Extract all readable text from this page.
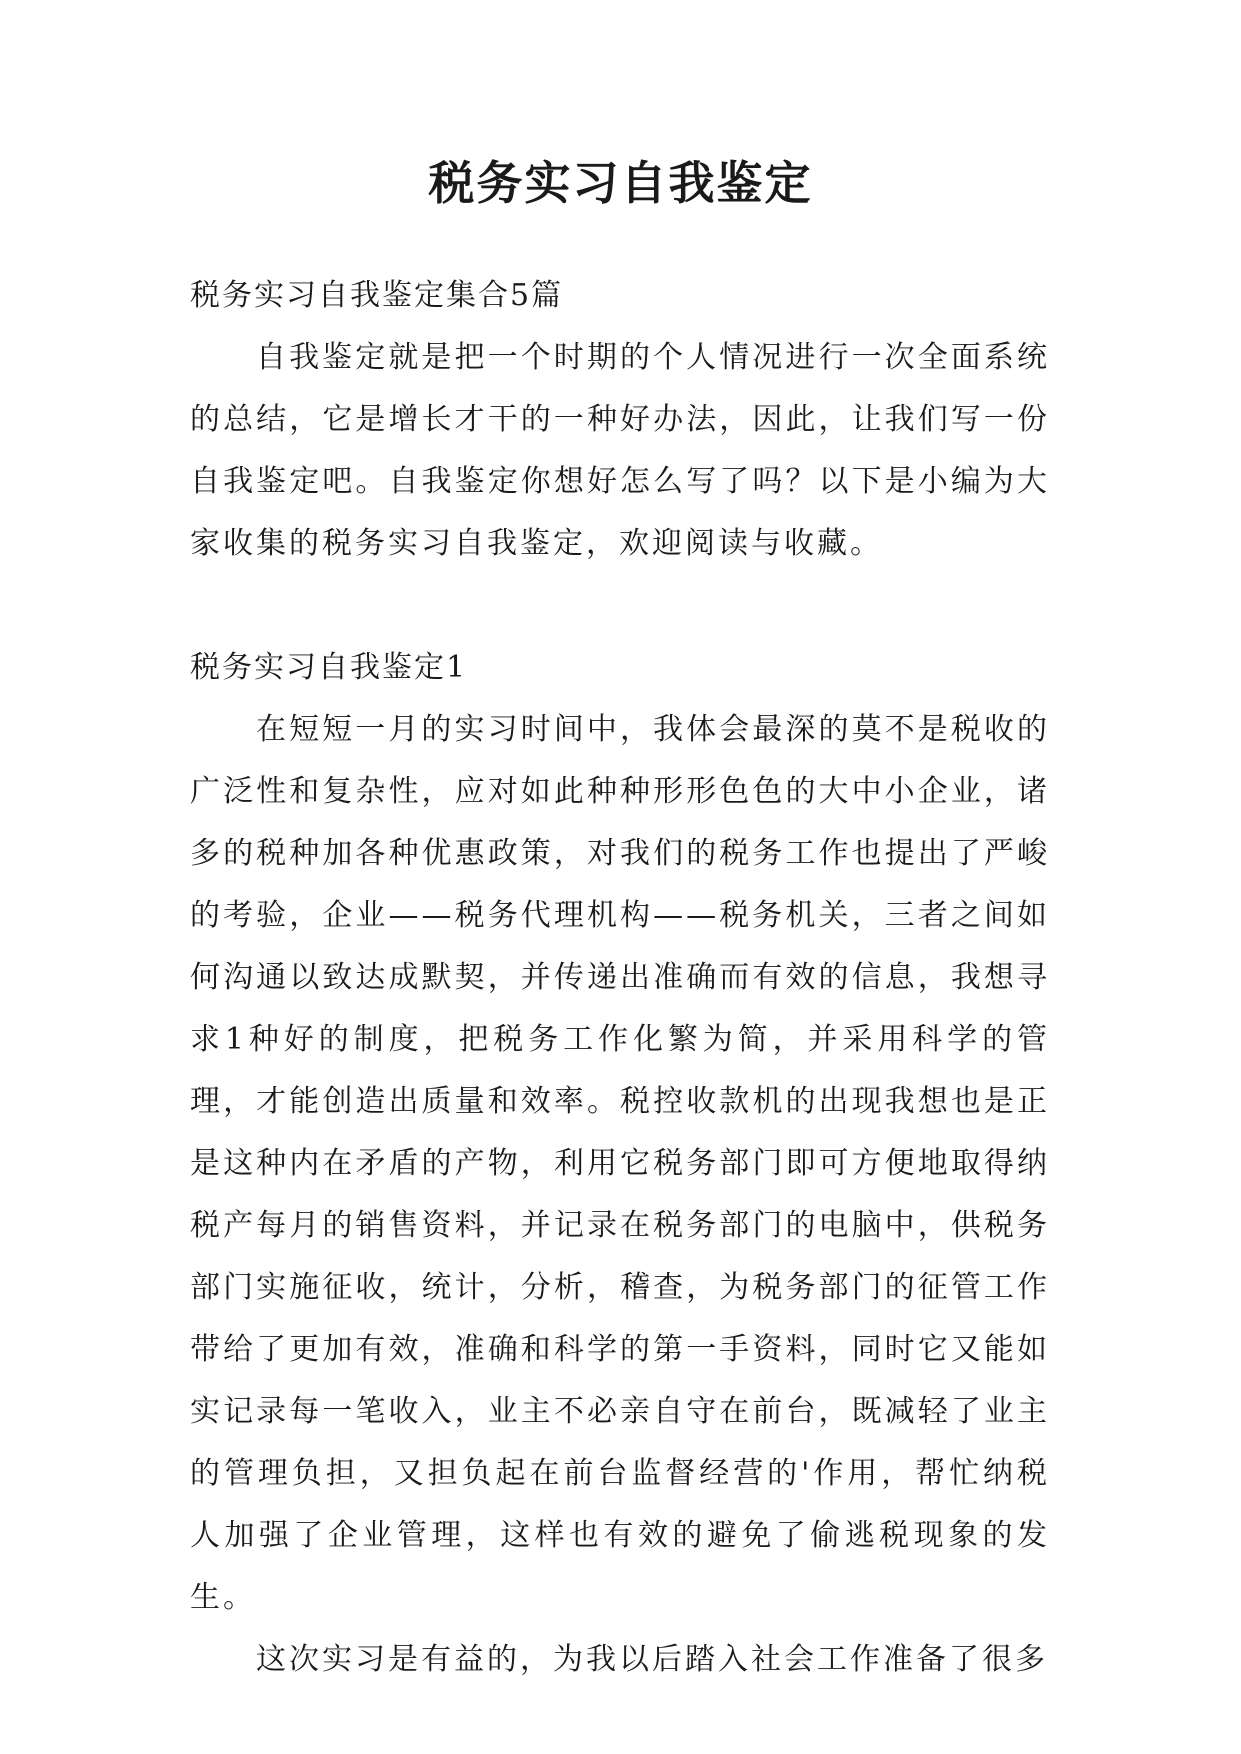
税务实习自我鉴定

税务实习自我鉴定集合5篇

自我鉴定就是把一个时期的个人情况进行一次全面系统的总结，它是增长才干的一种好办法，因此，让我们写一份自我鉴定吧。自我鉴定你想好怎么写了吗？以下是小编为大家收集的税务实习自我鉴定，欢迎阅读与收藏。

税务实习自我鉴定1

在短短一月的实习时间中，我体会最深的莫不是税收的广泛性和复杂性，应对如此种种形形色色的大中小企业，诸多的税种加各种优惠政策，对我们的税务工作也提出了严峻的考验，企业——税务代理机构——税务机关，三者之间如何沟通以致达成默契，并传递出准确而有效的信息，我想寻求1种好的制度，把税务工作化繁为简，并采用科学的管理，才能创造出质量和效率。税控收款机的出现我想也是正是这种内在矛盾的产物，利用它税务部门即可方便地取得纳税产每月的销售资料，并记录在税务部门的电脑中，供税务部门实施征收，统计，分析，稽查，为税务部门的征管工作带给了更加有效，准确和科学的第一手资料，同时它又能如实记录每一笔收入，业主不必亲自守在前台，既减轻了业主的管理负担，又担负起在前台监督经营的'作用，帮忙纳税人加强了企业管理，这样也有效的避免了偷逃税现象的发生。

这次实习是有益的，为我以后踏入社会工作准备了很多
